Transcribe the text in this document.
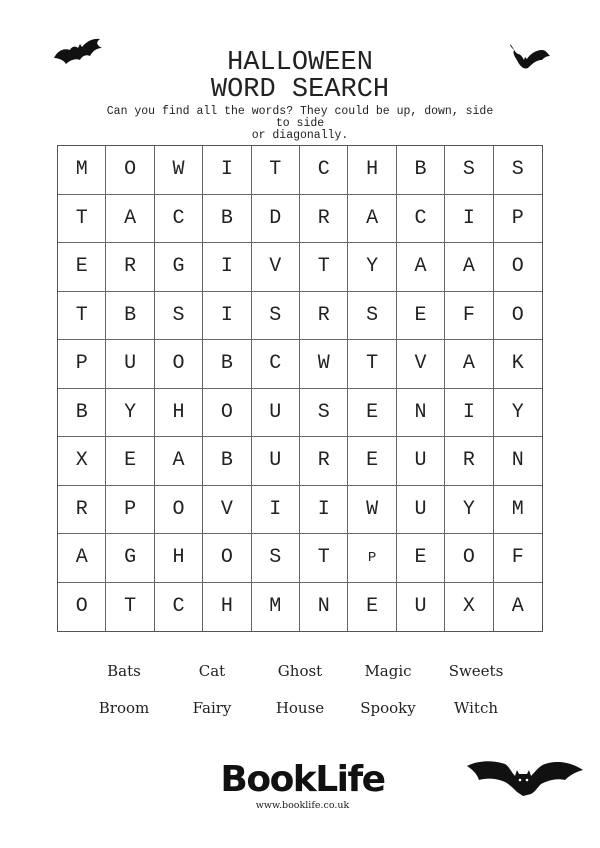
HALLOWEEN
WORD SEARCH
Can you find all the words? They could be up, down, side to side
or diagonally.
M	O	W	I	T	C	H	B	S	S
T	A	C	B	D	R	A	C	I	P
E	R	G	I	V	T	Y	A	A	O
T	B	S	I	S	R	S	E	F	O
P	U	O	B	C	W	T	V	A	K
B	Y	H	O	U	S	E	N	I	Y
X	E	A	B	U	R	E	U	R	N
R	P	O	V	I	I	W	U	Y	M
A	G	H	O	S	T	P	E	O	F
O	T	C	H	M	N	E	U	X	A
Bats	Cat	Ghost	Magic	Sweets
Broom	Fairy	House	Spooky	Witch
BookLife
www.booklife.co.uk
